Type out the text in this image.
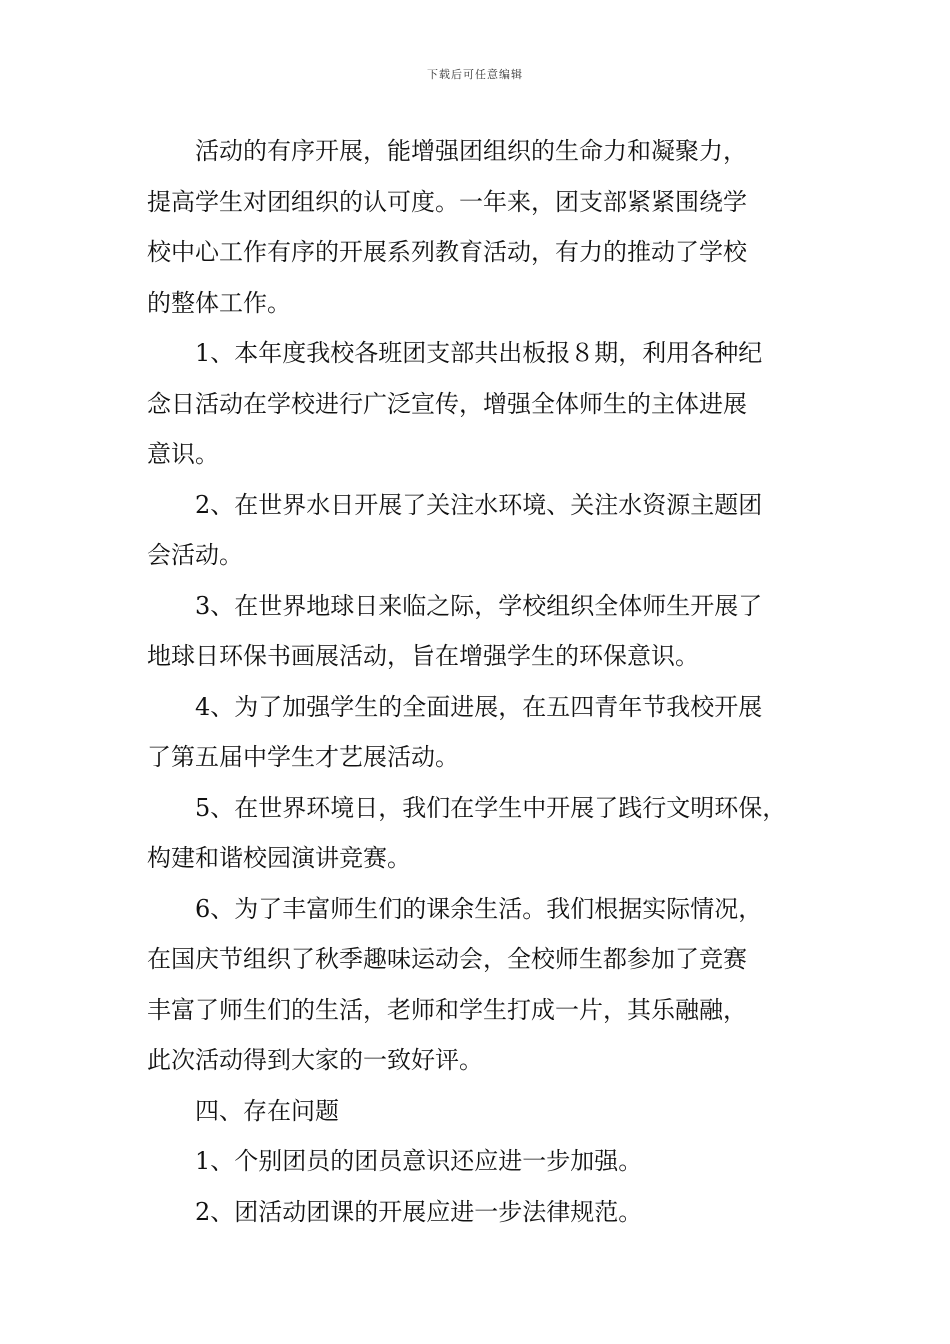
下载后可任意编辑
活动的有序开展，能增强团组织的生命力和凝聚力，
提高学生对团组织的认可度。一年来，团支部紧紧围绕学
校中心工作有序的开展系列教育活动，有力的推动了学校
的整体工作。
1、本年度我校各班团支部共出板报８期，利用各种纪
念日活动在学校进行广泛宣传，增强全体师生的主体进展
意识。
2、在世界水日开展了关注水环境、关注水资源主题团
会活动。
3、在世界地球日来临之际，学校组织全体师生开展了
地球日环保书画展活动，旨在增强学生的环保意识。
4、为了加强学生的全面进展，在五四青年节我校开展
了第五届中学生才艺展活动。
5、在世界环境日，我们在学生中开展了践行文明环保，
构建和谐校园演讲竞赛。
6、为了丰富师生们的课余生活。我们根据实际情况，
在国庆节组织了秋季趣味运动会，全校师生都参加了竞赛
丰富了师生们的生活，老师和学生打成一片，其乐融融，
此次活动得到大家的一致好评。
四、存在问题
1、个别团员的团员意识还应进一步加强。
2、团活动团课的开展应进一步法律规范。
